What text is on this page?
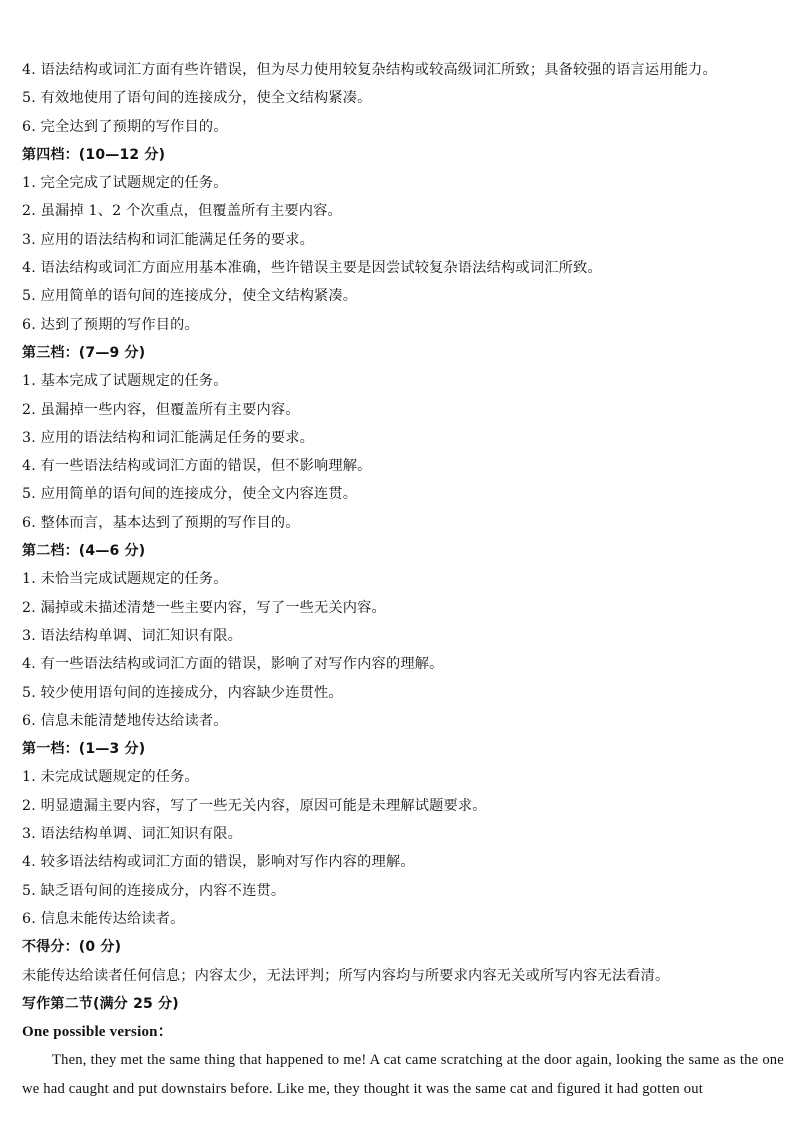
4. 语法结构或词汇方面有些许错误，但为尽力使用较复杂结构或较高级词汇所致；具备较强的语言运用能力。
5. 有效地使用了语句间的连接成分，使全文结构紧凑。
6. 完全达到了预期的写作目的。
第四档：(10—12 分)
1. 完全完成了试题规定的任务。
2. 虽漏掉 1、2 个次重点，但覆盖所有主要内容。
3. 应用的语法结构和词汇能满足任务的要求。
4. 语法结构或词汇方面应用基本准确，些许错误主要是因尝试较复杂语法结构或词汇所致。
5. 应用简单的语句间的连接成分，使全文结构紧凑。
6. 达到了预期的写作目的。
第三档：(7—9 分)
1. 基本完成了试题规定的任务。
2. 虽漏掉一些内容，但覆盖所有主要内容。
3. 应用的语法结构和词汇能满足任务的要求。
4. 有一些语法结构或词汇方面的错误，但不影响理解。
5. 应用简单的语句间的连接成分，使全文内容连贯。
6. 整体而言，基本达到了预期的写作目的。
第二档：(4—6 分)
1. 未恰当完成试题规定的任务。
2. 漏掉或未描述清楚一些主要内容，写了一些无关内容。
3. 语法结构单调、词汇知识有限。
4. 有一些语法结构或词汇方面的错误，影响了对写作内容的理解。
5. 较少使用语句间的连接成分，内容缺少连贯性。
6. 信息未能清楚地传达给读者。
第一档：(1—3 分)
1. 未完成试题规定的任务。
2. 明显遗漏主要内容，写了一些无关内容，原因可能是未理解试题要求。
3. 语法结构单调、词汇知识有限。
4. 较多语法结构或词汇方面的错误，影响对写作内容的理解。
5. 缺乏语句间的连接成分，内容不连贯。
6. 信息未能传达给读者。
不得分：(0 分)
未能传达给读者任何信息；内容太少，无法评判；所写内容均与所要求内容无关或所写内容无法看清。
写作第二节(满分 25 分)
One possible version：
Then, they met the same thing that happened to me! A cat came scratching at the door again, looking the same as the one we had caught and put downstairs before. Like me, they thought it was the same cat and figured it had gotten out
